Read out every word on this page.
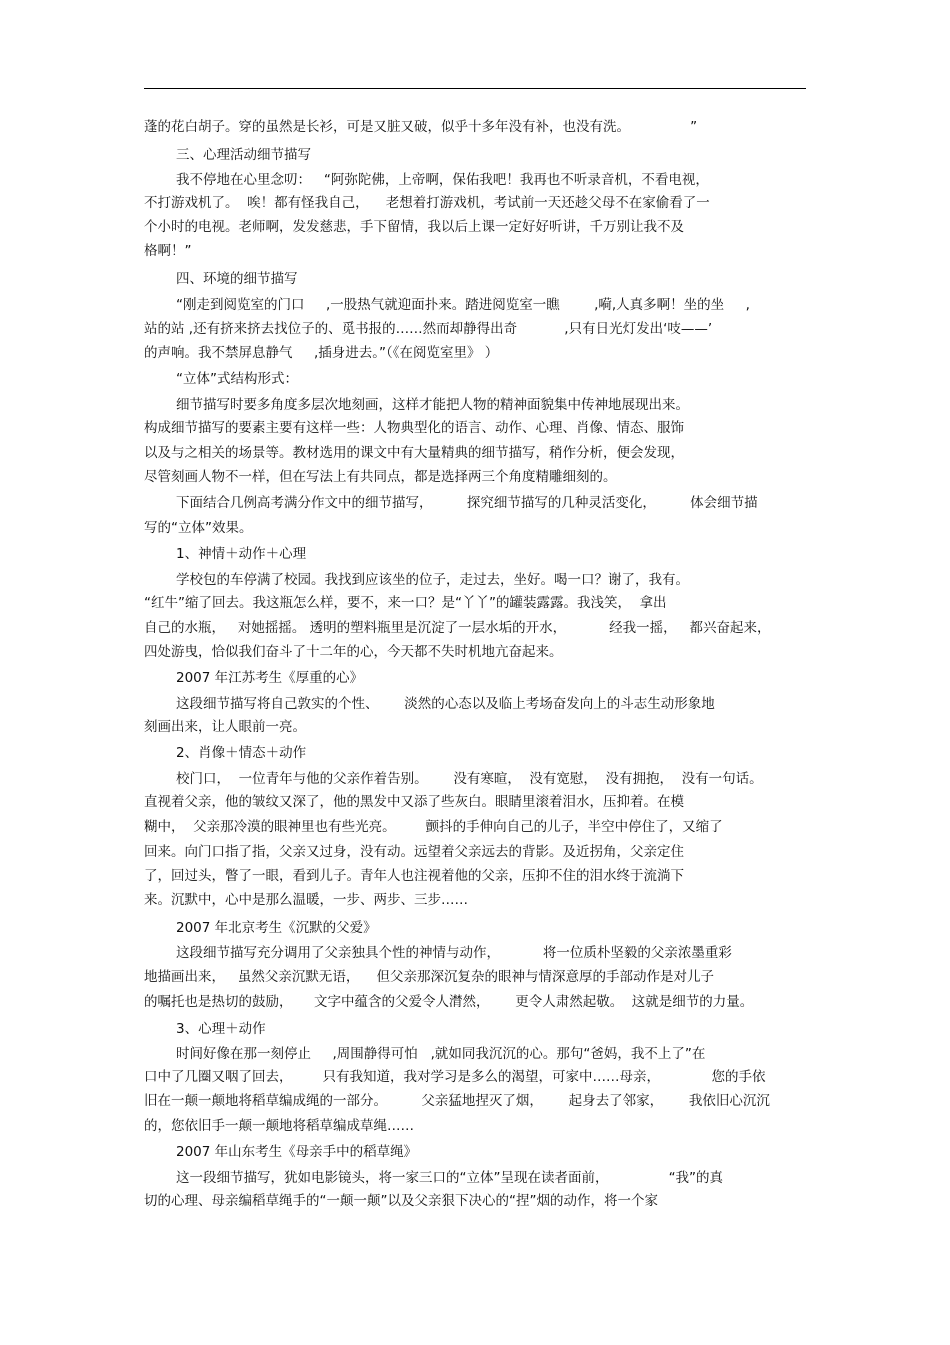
蓬的花白胡子。穿的虽然是长衫，可是又脏又破，似乎十多年没有补，也没有洗。              ”
三、心理活动细节描写
我不停地在心里念叨：   “阿弥陀佛，上帝啊，保佑我吧！我再也不听录音机，不看电视，
不打游戏机了。  唉！都有怪我自己，    老想着打游戏机，考试前一天还趁父母不在家偷看了一
个小时的电视。老师啊，发发慈悲，手下留情，我以后上课一定好好听讲，千万别让我不及
格啊！”
四、环境的细节描写
“刚走到阅览室的门口     ,一股热气就迎面扑来。踏进阅览室一瞧        ,嗬,人真多啊！坐的坐     ,
站的站 ,还有挤来挤去找位子的、觅书报的……然而却静得出奇           ,只有日光灯发出‘吱——’
的声响。我不禁屏息静气     ,插身进去。”（《在阅览室里》 ）
“立体”式结构形式：
细节描写时要多角度多层次地刻画，这样才能把人物的精神面貌集中传神地展现出来。
构成细节描写的要素主要有这样一些：人物典型化的语言、动作、心理、肖像、情态、服饰
以及与之相关的场景等。教材选用的课文中有大量精典的细节描写，稍作分析，便会发现，
尽管刻画人物不一样，但在写法上有共同点，都是选择两三个角度精雕细刻的。
下面结合几例高考满分作文中的细节描写，        探究细节描写的几种灵活变化，        体会细节描
写的“立体”效果。
1、神情＋动作＋心理
学校包的车停满了校园。我找到应该坐的位子，走过去，坐好。喝一口？谢了，我有。
“红牛”缩了回去。我这瓶怎么样，要不，来一口？是“丫丫”的罐装露露。我浅笑，  拿出
自己的水瓶，   对她摇摇。 透明的塑料瓶里是沉淀了一层水垢的开水，          经我一摇，   都兴奋起来，
四处游曳，恰似我们奋斗了十二年的心，今天都不失时机地亢奋起来。
2007 年江苏考生《厚重的心》
这段细节描写将自己敦实的个性、      淡然的心态以及临上考场奋发向上的斗志生动形象地
刻画出来，让人眼前一亮。
2、肖像＋情态＋动作
校门口，  一位青年与他的父亲作着告别。      没有寒暄，  没有宽慰，  没有拥抱，  没有一句话。
直视着父亲，他的皱纹又深了，他的黑发中又添了些灰白。眼睛里滚着泪水，压抑着。在模
糊中，  父亲那冷漠的眼神里也有些光亮。       颤抖的手伸向自己的儿子，半空中停住了，又缩了
回来。向门口指了指，父亲又过身，没有动。远望着父亲远去的背影。及近拐角，父亲定住
了，回过头，瞥了一眼，看到儿子。青年人也注视着他的父亲，压抑不住的泪水终于流淌下
来。沉默中，心中是那么温暖，一步、两步、三步……
2007 年北京考生《沉默的父爱》
这段细节描写充分调用了父亲独具个性的神情与动作，          将一位质朴坚毅的父亲浓墨重彩
地描画出来，   虽然父亲沉默无语，    但父亲那深沉复杂的眼神与情深意厚的手部动作是对儿子
的嘱托也是热切的鼓励，     文字中蕴含的父爱令人潸然，      更令人肃然起敬。  这就是细节的力量。
3、心理＋动作
时间好像在那一刻停止     ,周围静得可怕   ,就如同我沉沉的心。那句“爸妈，我不上了”在
口中了几圈又咽了回去，       只有我知道，我对学习是多么的渴望，可家中……母亲，            您的手依
旧在一颠一颠地将稻草编成绳的一部分。        父亲猛地捏灭了烟，      起身去了邻家，      我依旧心沉沉
的，您依旧手一颠一颠地将稻草编成草绳……
2007 年山东考生《母亲手中的稻草绳》
这一段细节描写，犹如电影镜头，将一家三口的“立体”呈现在读者面前，              “我”的真
切的心理、母亲编稻草绳手的“一颠一颠”以及父亲狠下决心的“捏”烟的动作，将一个家
